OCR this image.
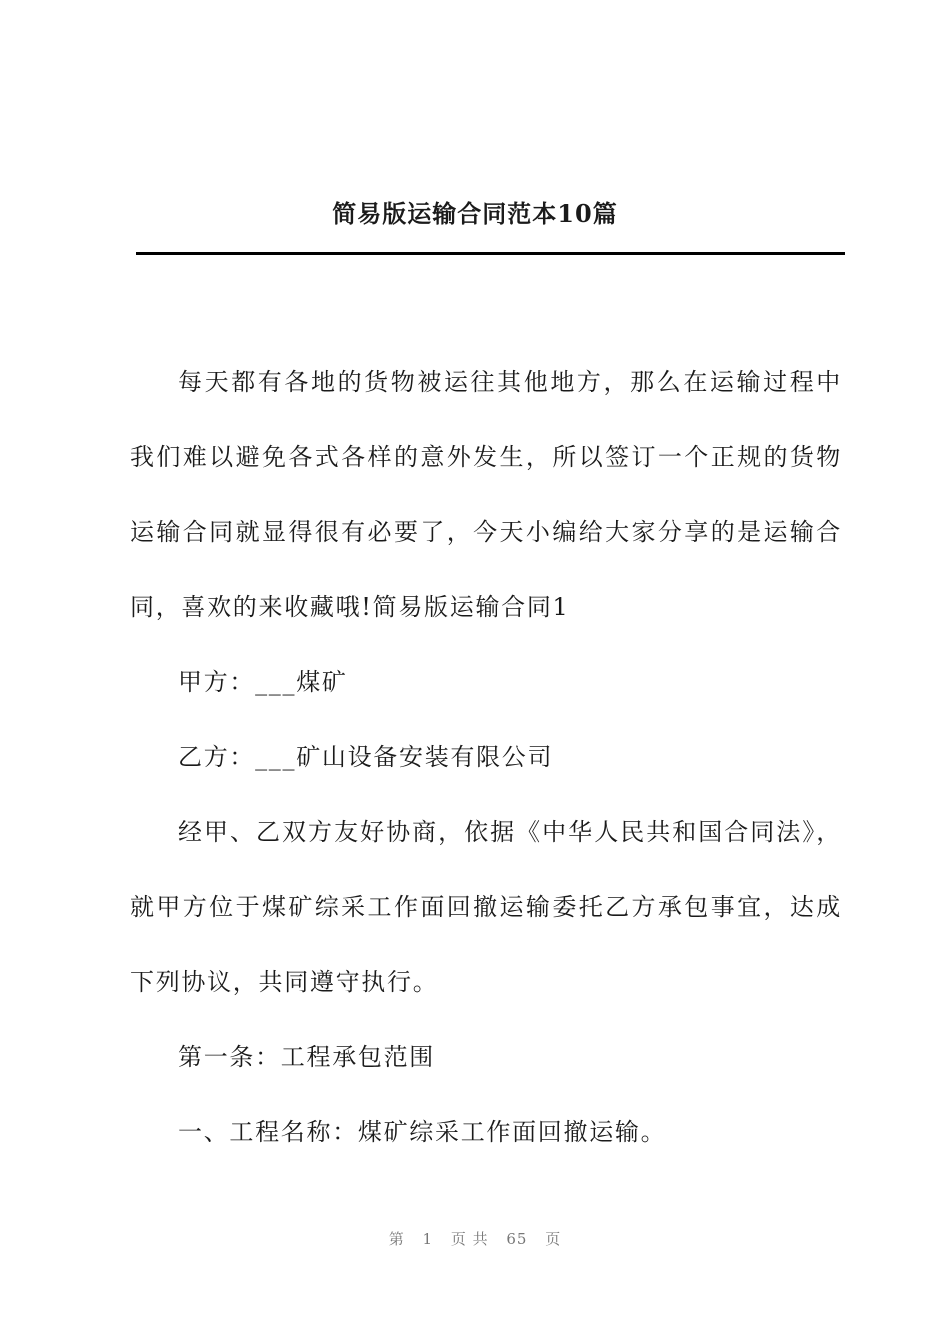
简易版运输合同范本10篇

每天都有各地的货物被运往其他地方，那么在运输过程中我们难以避免各式各样的意外发生，所以签订一个正规的货物运输合同就显得很有必要了，今天小编给大家分享的是运输合同，喜欢的来收藏哦!简易版运输合同1

甲方：___煤矿

乙方：___矿山设备安装有限公司

经甲、乙双方友好协商，依据《中华人民共和国合同法》，就甲方位于煤矿综采工作面回撤运输委托乙方承包事宜，达成下列协议，共同遵守执行。

第一条：工程承包范围

一、工程名称：煤矿综采工作面回撤运输。

第 1 页 共 65 页
